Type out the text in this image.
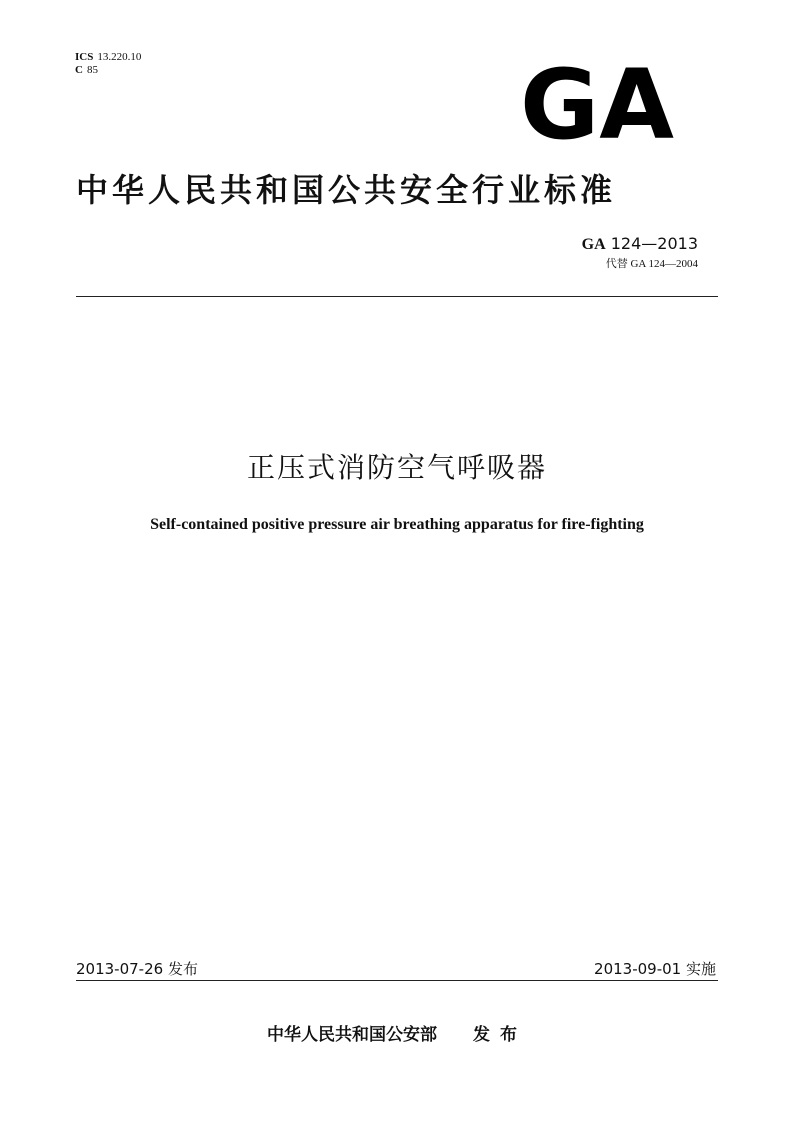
ICS 13.220.10
C 85	GA
中华人民共和国公共安全行业标准
GA 124—2013
代替 GA 124—2004
正压式消防空气呼吸器
Self-contained positive pressure air breathing apparatus for fire-fighting
2013-07-26 发布	2013-09-01 实施
中华人民共和国公安部 发布
